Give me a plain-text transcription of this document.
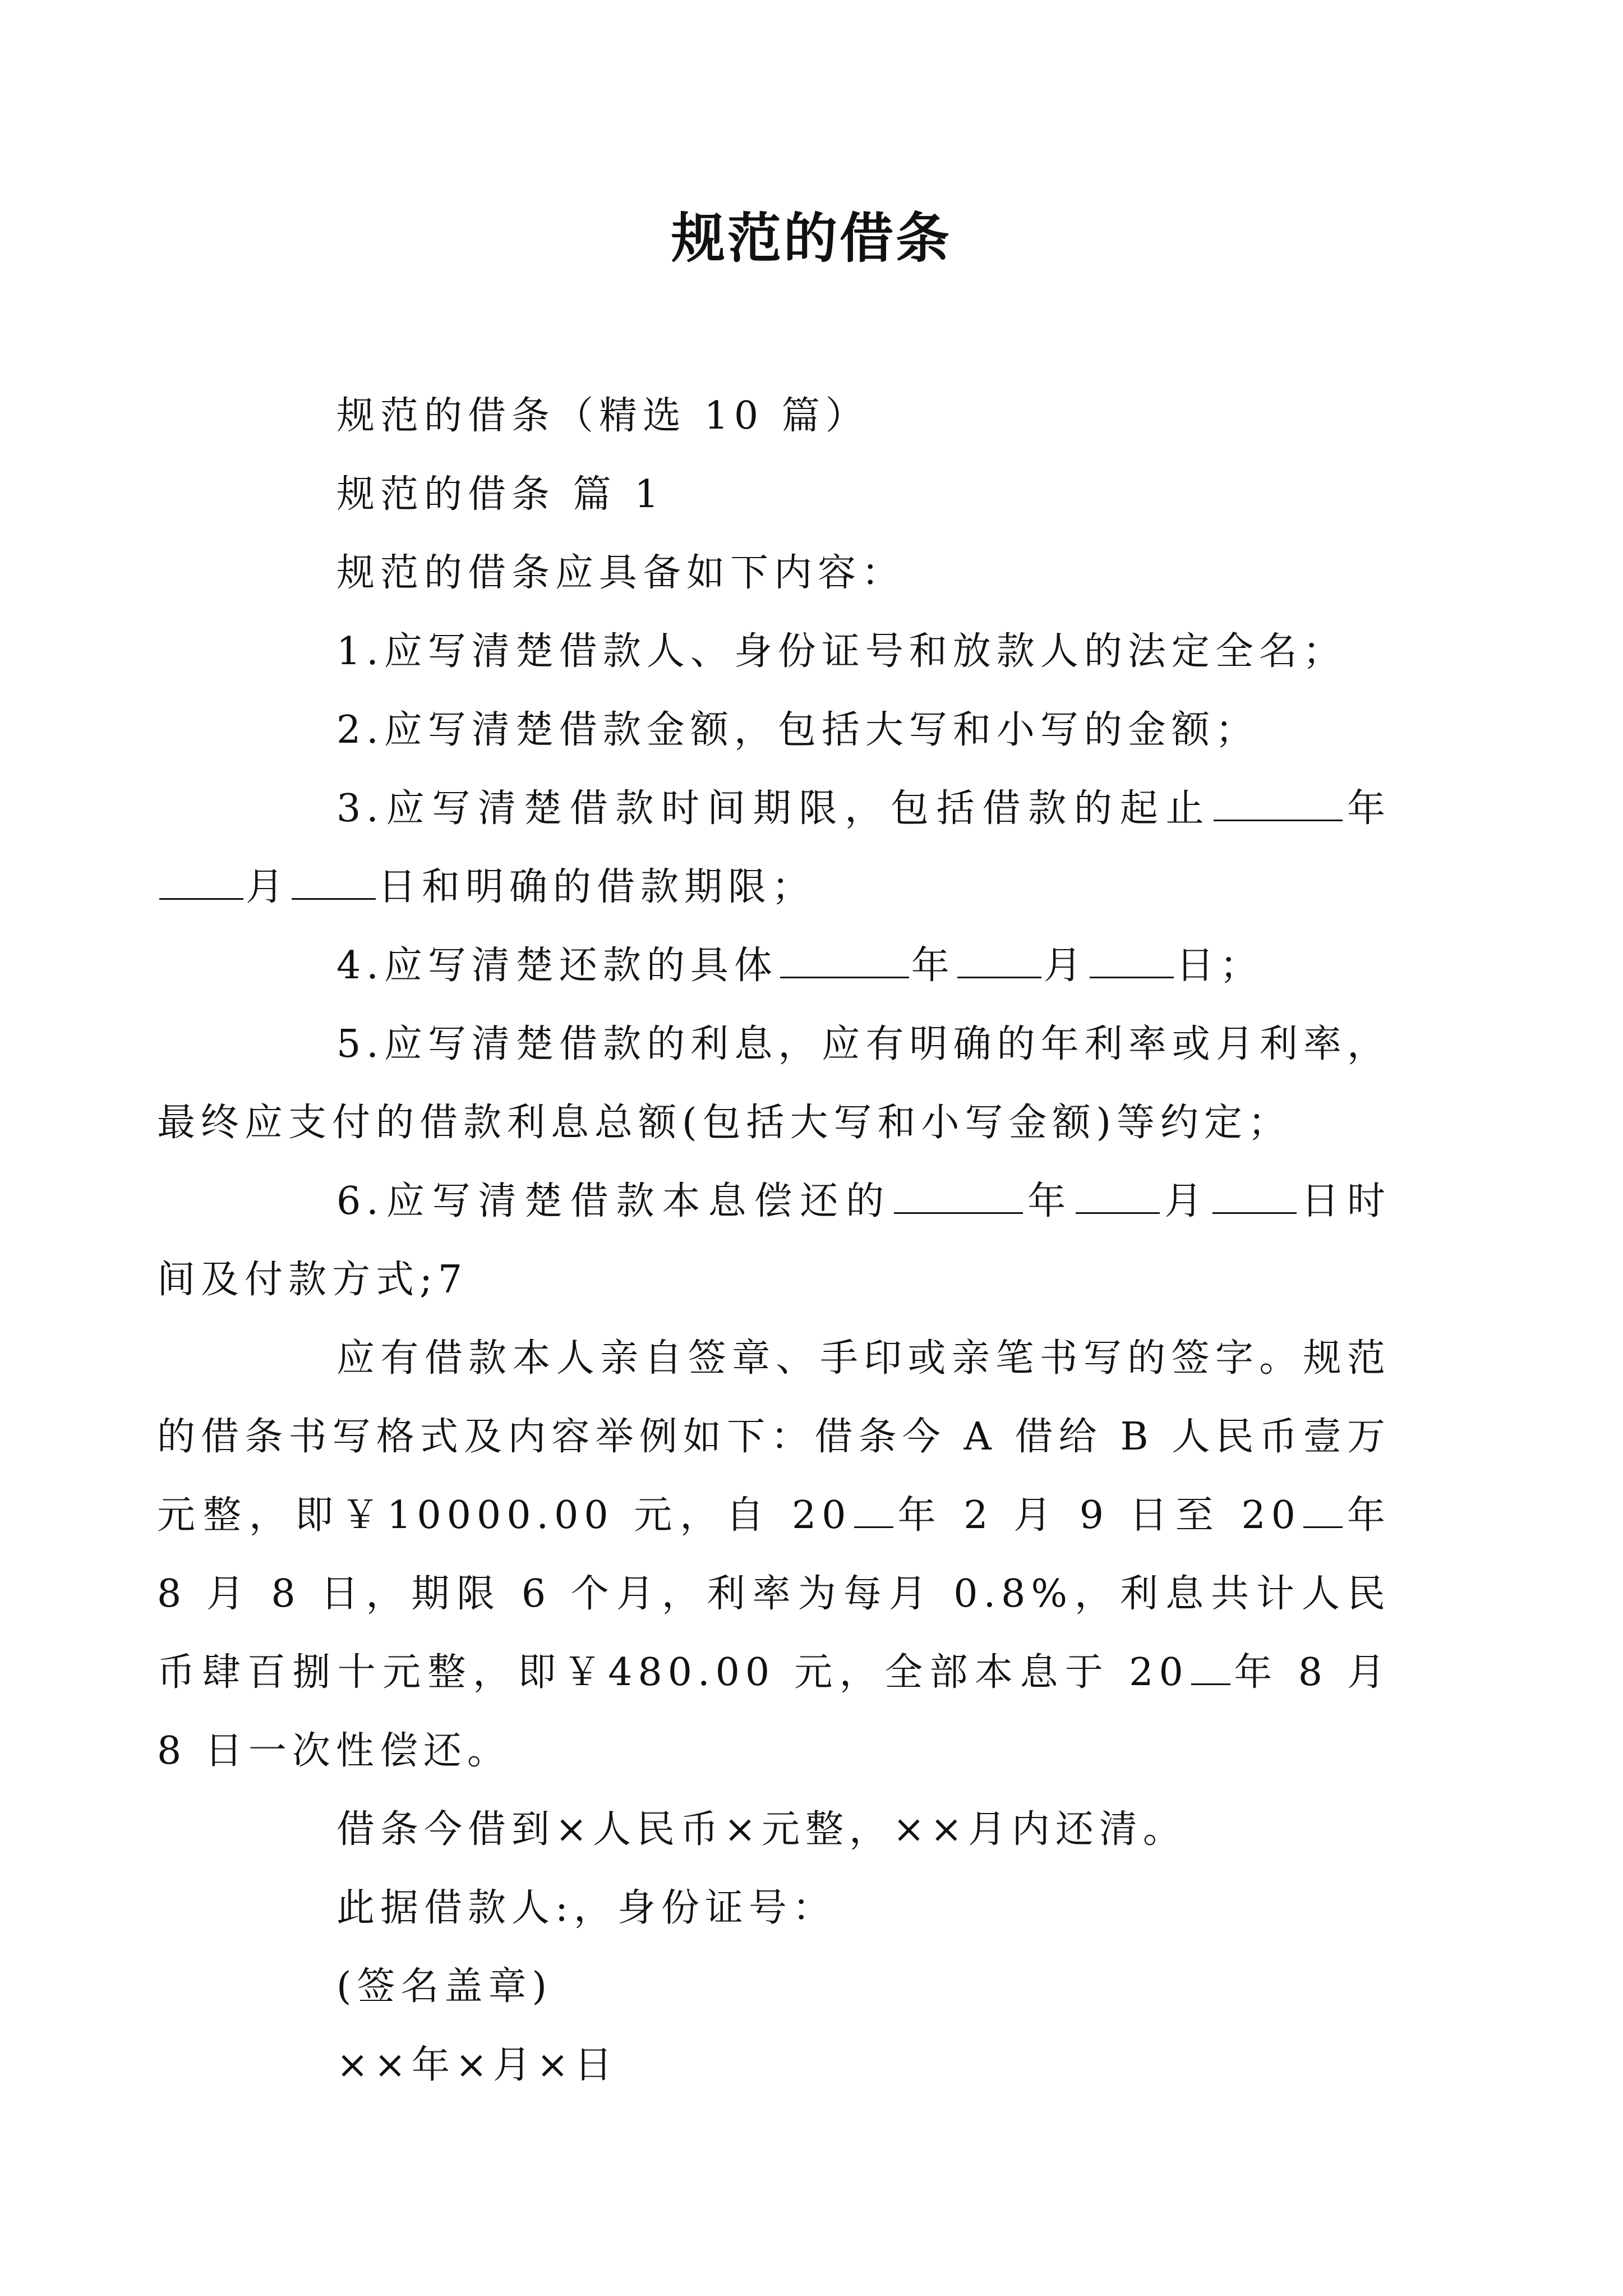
规范的借条

规范的借条（精选 10 篇）

规范的借条 篇 1

规范的借条应具备如下内容：

1.应写清楚借款人、身份证号和放款人的法定全名；

2.应写清楚借款金额，包括大写和小写的金额；

3.应写清楚借款时间期限，包括借款的起止	年月 日和明确的借款期限；

4.应写清楚还款的具体	年 月 日；

5.应写清楚借款的利息，应有明确的年利率或月利率，最终应支付的借款利息总额(包括大写和小写金额)等约定；

6.应写清楚借款本息偿还的	年 月 日时间及付款方式;7

应有借款本人亲自签章、手印或亲笔书写的签字。规范的借条书写格式及内容举例如下：借条今 A 借给 B 人民币壹万元整，即￥10000.00 元，自 20 年 2 月 9 日至 20 年 8 月 8 日，期限 6 个月，利率为每月 0.8%，利息共计人民币肆百捌十元整，即￥480.00 元，全部本息于 20 年 8 月 8 日一次性偿还。

借条今借到×人民币×元整，××月内还清。

此据借款人:，身份证号：

(签名盖章)

××年×月×日
